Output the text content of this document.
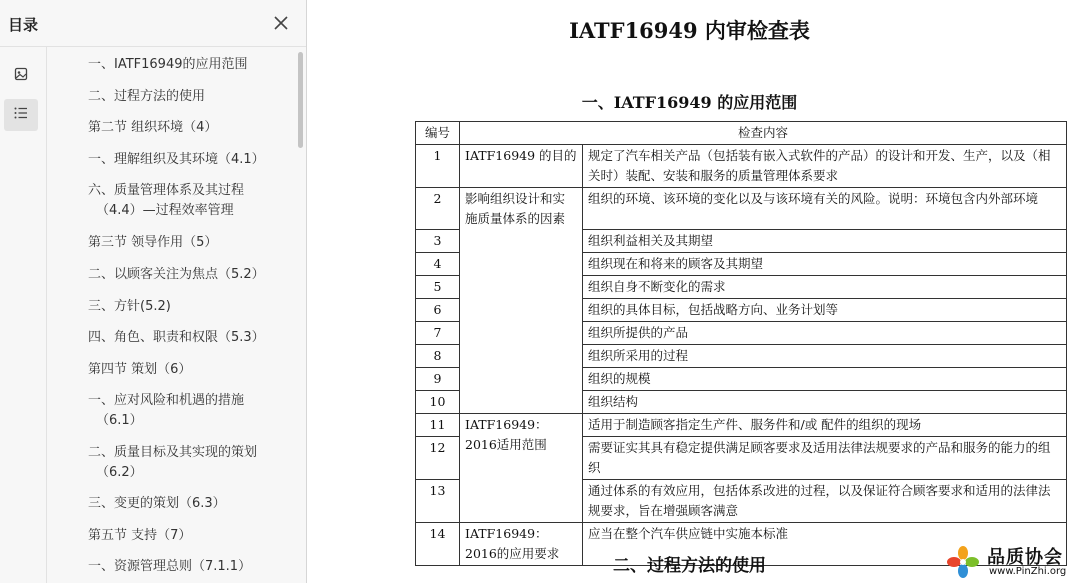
目录
一、IATF16949的应用范围
二、过程方法的使用
第二节 组织环境（4）
一、理解组织及其环境（4.1）
六、质量管理体系及其过程
（4.4）—过程效率管理
第三节 领导作用（5）
二、以顾客关注为焦点（5.2）
三、方针(5.2)
四、角色、职责和权限（5.3）
第四节 策划（6）
一、应对风险和机遇的措施
（6.1）
二、质量目标及其实现的策划
（6.2）
三、变更的策划（6.3）
第五节 支持（7）
一、资源管理总则（7.1.1）
IATF16949 内审检查表
一、IATF16949 的应用范围
编号	检查内容	
1	IATF16949 的目的	规定了汽车相关产品（包括装有嵌入式软件的产品）的设计和开发、生产，以及（相关时）装配、安装和服务的质量管理体系要求
2	影响组织设计和实施质量体系的因素	组织的环境、该环境的变化以及与该环境有关的风险。说明：环境包含内外部环境
3		组织利益相关及其期望
4		组织现在和将来的顾客及其期望
5		组织自身不断变化的需求
6		组织的具体目标，包括战略方向、业务计划等
7		组织所提供的产品
8		组织所采用的过程
9		组织的规模
10		组织结构
11	IATF16949：2016适用范围	适用于制造顾客指定生产件、服务件和/或 配件的组织的现场
12		需要证实其具有稳定提供满足顾客要求及适用法律法规要求的产品和服务的能力的组织
13		通过体系的有效应用，包括体系改进的过程，以及保证符合顾客要求和适用的法律法规要求，旨在增强顾客满意
14	IATF16949：2016的应用要求	应当在整个汽车供应链中实施本标准
二、过程方法的使用	品质协会
www.PinZhi.org
